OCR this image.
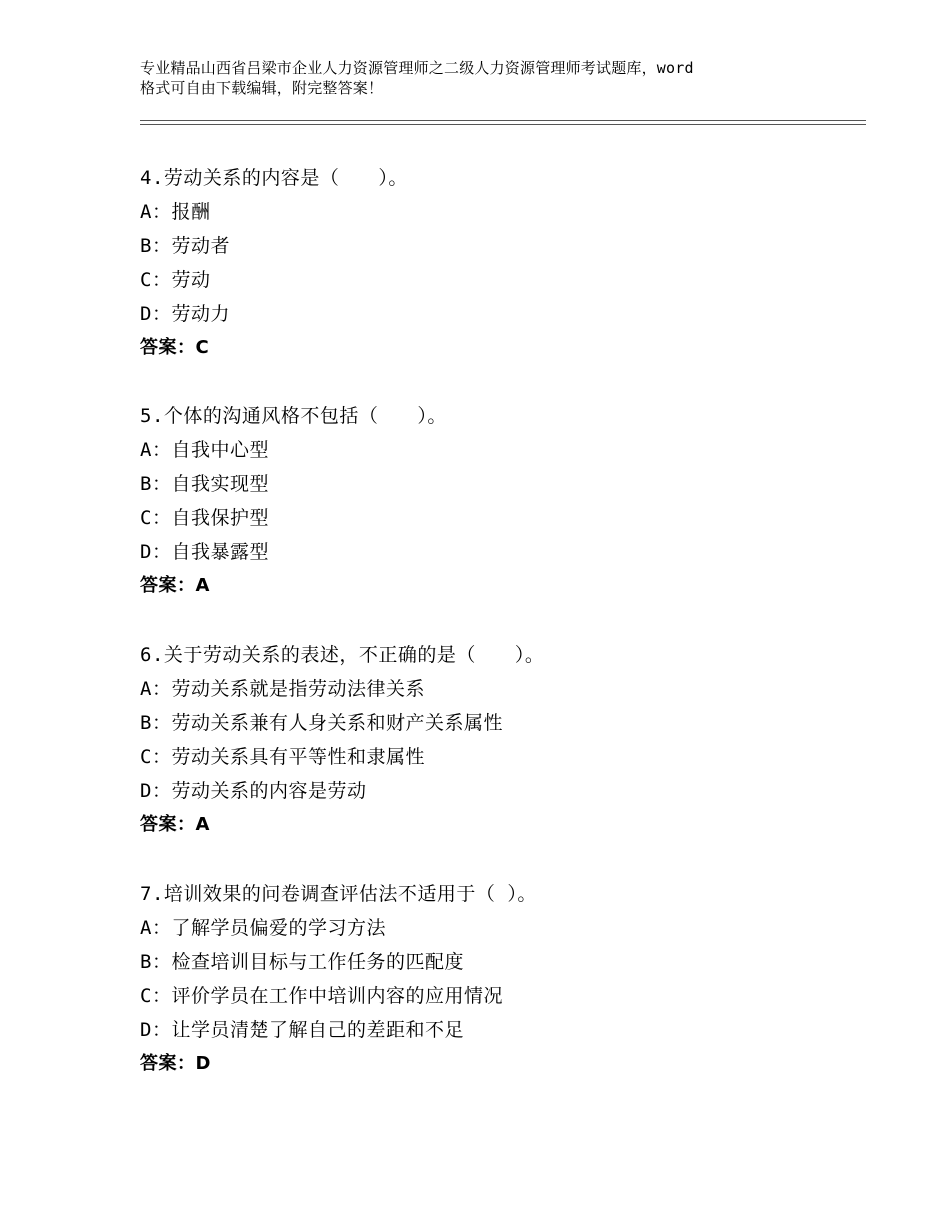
专业精品山西省吕梁市企业人力资源管理师之二级人力资源管理师考试题库，word
格式可自由下载编辑，附完整答案！
4.劳动关系的内容是（　　）。
A：报酬
B：劳动者
C：劳动
D：劳动力
答案：C
5.个体的沟通风格不包括（　　）。
A：自我中心型
B：自我实现型
C：自我保护型
D：自我暴露型
答案：A
6.关于劳动关系的表述，不正确的是（　　）。
A：劳动关系就是指劳动法律关系
B：劳动关系兼有人身关系和财产关系属性
C：劳动关系具有平等性和隶属性
D：劳动关系的内容是劳动
答案：A
7.培训效果的问卷调查评估法不适用于（ ）。
A：了解学员偏爱的学习方法
B：检查培训目标与工作任务的匹配度
C：评价学员在工作中培训内容的应用情况
D：让学员清楚了解自己的差距和不足
答案：D
